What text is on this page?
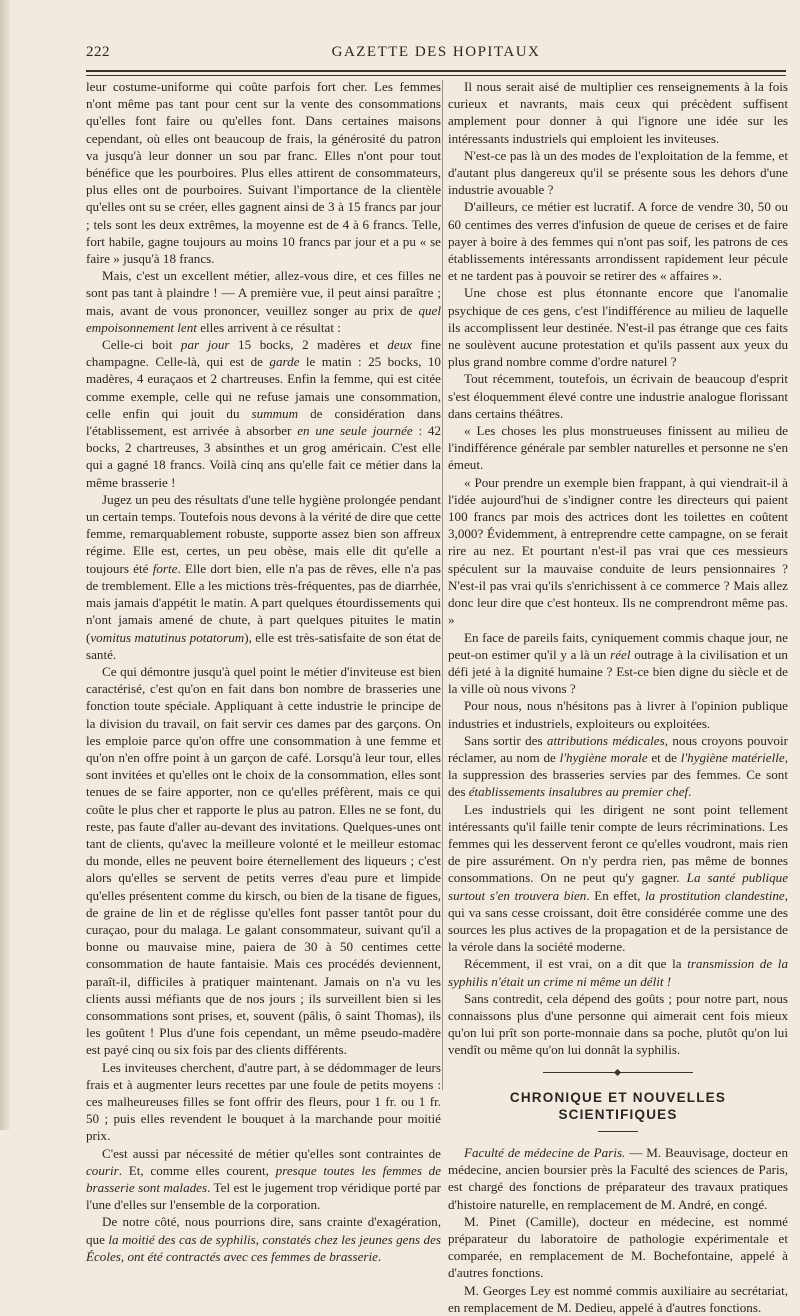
222	GAZETTE DES HOPITAUX

leur costume-uniforme qui coûte parfois fort cher. Les femmes n'ont même pas tant pour cent sur la vente des consommations qu'elles font faire ou qu'elles font. Dans certaines maisons cependant, où elles ont beaucoup de frais, la générosité du patron va jusqu'à leur donner un sou par franc. Elles n'ont pour tout bénéfice que les pourboires. Plus elles attirent de consommateurs, plus elles ont de pourboires. Suivant l'importance de la clientèle qu'elles ont su se créer, elles gagnent ainsi de 3 à 15 francs par jour ; tels sont les deux extrêmes, la moyenne est de 4 à 6 francs. Telle, fort habile, gagne toujours au moins 10 francs par jour et a pu « se faire » jusqu'à 18 francs.

Mais, c'est un excellent métier, allez-vous dire, et ces filles ne sont pas tant à plaindre ! — A première vue, il peut ainsi paraître ; mais, avant de vous prononcer, veuillez songer au prix de quel empoisonnement lent elles arrivent à ce résultat :

Celle-ci boit par jour 15 bocks, 2 madères et deux fine champagne. Celle-là, qui est de garde le matin : 25 bocks, 10 madères, 4 euraçaos et 2 chartreuses. Enfin la femme, qui est citée comme exemple, celle qui ne refuse jamais une consommation, celle enfin qui jouit du summum de considération dans l'établissement, est arrivée à absorber en une seule journée : 42 bocks, 2 chartreuses, 3 absinthes et un grog américain. C'est elle qui a gagné 18 francs. Voilà cinq ans qu'elle fait ce métier dans la même brasserie !

Jugez un peu des résultats d'une telle hygiène prolongée pendant un certain temps. Toutefois nous devons à la vérité de dire que cette femme, remarquablement robuste, supporte assez bien son affreux régime. Elle est, certes, un peu obèse, mais elle dit qu'elle a toujours été forte. Elle dort bien, elle n'a pas de rêves, elle n'a pas de tremblement. Elle a les mictions très-fréquentes, pas de diarrhée, mais jamais d'appétit le matin. A part quelques étourdissements qui n'ont jamais amené de chute, à part quelques pituites le matin (vomitus matutinus potatorum), elle est très-satisfaite de son état de santé.

Ce qui démontre jusqu'à quel point le métier d'inviteuse est bien caractérisé, c'est qu'on en fait dans bon nombre de brasseries une fonction toute spéciale. Appliquant à cette industrie le principe de la division du travail, on fait servir ces dames par des garçons. On les emploie parce qu'on offre une consommation à une femme et qu'on n'en offre point à un garçon de café. Lorsqu'à leur tour, elles sont invitées et qu'elles ont le choix de la consommation, elles sont tenues de se faire apporter, non ce qu'elles préfèrent, mais ce qui coûte le plus cher et rapporte le plus au patron. Elles ne se font, du reste, pas faute d'aller au-devant des invitations. Quelques-unes ont tant de clients, qu'avec la meilleure volonté et le meilleur estomac du monde, elles ne peuvent boire éternellement des liqueurs ; c'est alors qu'elles se servent de petits verres d'eau pure et limpide qu'elles présentent comme du kirsch, ou bien de la tisane de figues, de graine de lin et de réglisse qu'elles font passer tantôt pour du curaçao, pour du malaga. Le galant consommateur, suivant qu'il a bonne ou mauvaise mine, paiera de 30 à 50 centimes cette consommation de haute fantaisie. Mais ces procédés deviennent, paraît-il, difficiles à pratiquer maintenant. Jamais on n'a vu les clients aussi méfiants que de nos jours ; ils surveillent bien si les consommations sont prises, et, souvent (pâlis, ô saint Thomas), ils les goûtent ! Plus d'une fois cependant, un même pseudo-madère est payé cinq ou six fois par des clients différents.

Les inviteuses cherchent, d'autre part, à se dédommager de leurs frais et à augmenter leurs recettes par une foule de petits moyens : ces malheureuses filles se font offrir des fleurs, pour 1 fr. ou 1 fr. 50 ; puis elles revendent le bouquet à la marchande pour moitié prix.

C'est aussi par nécessité de métier qu'elles sont contraintes de courir. Et, comme elles courent, presque toutes les femmes de brasserie sont malades. Tel est le jugement trop véridique porté par l'une d'elles sur l'ensemble de la corporation.

De notre côté, nous pourrions dire, sans crainte d'exagération, que la moitié des cas de syphilis, constatés chez les jeunes gens des Écoles, ont été contractés avec ces femmes de brasserie.

Il nous serait aisé de multiplier ces renseignements à la fois curieux et navrants, mais ceux qui précèdent suffisent amplement pour donner à qui l'ignore une idée sur les intéressants industriels qui emploient les inviteuses.

N'est-ce pas là un des modes de l'exploitation de la femme, et d'autant plus dangereux qu'il se présente sous les dehors d'une industrie avouable ?

D'ailleurs, ce métier est lucratif. A force de vendre 30, 50 ou 60 centimes des verres d'infusion de queue de cerises et de faire payer à boire à des femmes qui n'ont pas soif, les patrons de ces établissements intéressants arrondissent rapidement leur pécule et ne tardent pas à pouvoir se retirer des « affaires ».

Une chose est plus étonnante encore que l'anomalie psychique de ces gens, c'est l'indifférence au milieu de laquelle ils accomplissent leur destinée. N'est-il pas étrange que ces faits ne soulèvent aucune protestation et qu'ils passent aux yeux du plus grand nombre comme d'ordre naturel ?

Tout récemment, toutefois, un écrivain de beaucoup d'esprit s'est éloquemment élevé contre une industrie analogue florissant dans certains théâtres.

« Les choses les plus monstrueuses finissent au milieu de l'indifférence générale par sembler naturelles et personne ne s'en émeut.

« Pour prendre un exemple bien frappant, à qui viendrait-il à l'idée aujourd'hui de s'indigner contre les directeurs qui paient 100 francs par mois des actrices dont les toilettes en coûtent 3,000? Évidemment, à entreprendre cette campagne, on se ferait rire au nez. Et pourtant n'est-il pas vrai que ces messieurs spéculent sur la mauvaise conduite de leurs pensionnaires ? N'est-il pas vrai qu'ils s'enrichissent à ce commerce ? Mais allez donc leur dire que c'est honteux. Ils ne comprendront même pas. »

En face de pareils faits, cyniquement commis chaque jour, ne peut-on estimer qu'il y a là un réel outrage à la civilisation et un défi jeté à la dignité humaine ? Est-ce bien digne du siècle et de la ville où nous vivons ?

Pour nous, nous n'hésitons pas à livrer à l'opinion publique industries et industriels, exploiteurs ou exploitées.

Sans sortir des attributions médicales, nous croyons pouvoir réclamer, au nom de l'hygiène morale et de l'hygiène matérielle, la suppression des brasseries servies par des femmes. Ce sont des établissements insalubres au premier chef.

Les industriels qui les dirigent ne sont point tellement intéressants qu'il faille tenir compte de leurs récriminations. Les femmes qui les desservent feront ce qu'elles voudront, mais rien de pire assurément. On n'y perdra rien, pas même de bonnes consommations. On ne peut qu'y gagner. La santé publique surtout s'en trouvera bien. En effet, la prostitution clandestine, qui va sans cesse croissant, doit être considérée comme une des sources les plus actives de la propagation et de la persistance de la vérole dans la société moderne.

Récemment, il est vrai, on a dit que la transmission de la syphilis n'était un crime ni même un délit !

Sans contredit, cela dépend des goûts ; pour notre part, nous connaissons plus d'une personne qui aimerait cent fois mieux qu'on lui prît son porte-monnaie dans sa poche, plutôt qu'on lui vendît ou même qu'on lui donnât la syphilis.

CHRONIQUE ET NOUVELLES SCIENTIFIQUES

Faculté de médecine de Paris. — M. Beauvisage, docteur en médecine, ancien boursier près la Faculté des sciences de Paris, est chargé des fonctions de préparateur des travaux pratiques d'histoire naturelle, en remplacement de M. André, en congé.

M. Pinet (Camille), docteur en médecine, est nommé préparateur du laboratoire de pathologie expérimentale et comparée, en remplacement de M. Bochefontaine, appelé à d'autres fonctions.

M. Georges Ley est nommé commis auxiliaire au secrétariat, en remplacement de M. Dedieu, appelé à d'autres fonctions.
